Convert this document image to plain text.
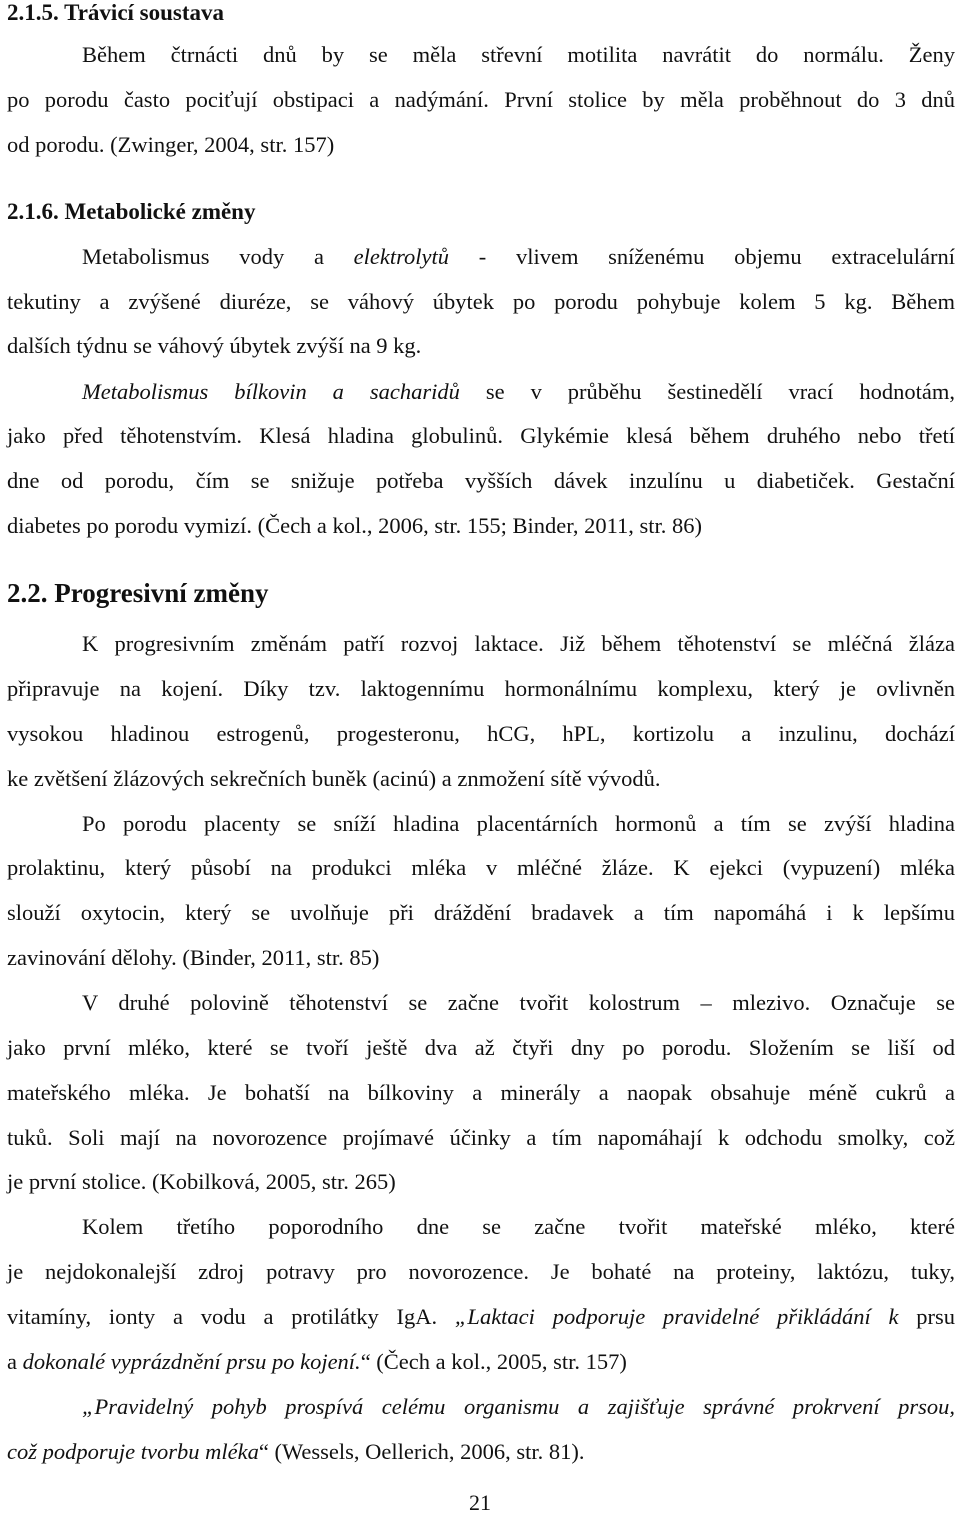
2.1.5. Trávicí soustava
Během čtrnácti dnů by se měla střevní motilita navrátit do normálu. Ženy
po porodu často pociťují obstipaci a nadýmání. První stolice by měla proběhnout do 3 dnů
od porodu. (Zwinger, 2004, str. 157)
2.1.6. Metabolické změny
Metabolismus vody a elektrolytů - vlivem sníženému objemu extracelulární
tekutiny a zvýšené diuréze, se váhový úbytek po porodu pohybuje kolem 5 kg. Během
dalších týdnu se váhový úbytek zvýší na 9 kg.
Metabolismus bílkovin a sacharidů se v průběhu šestinedělí vrací hodnotám,
jako před těhotenstvím. Klesá hladina globulinů. Glykémie klesá během druhého nebo třetí
dne od porodu, čím se snižuje potřeba vyšších dávek inzulínu u diabetiček. Gestační
diabetes po porodu vymizí. (Čech a kol., 2006, str. 155; Binder, 2011, str. 86)
2.2. Progresivní změny
K progresivním změnám patří rozvoj laktace. Již během těhotenství se mléčná žláza
připravuje na kojení. Díky tzv. laktogennímu hormonálnímu komplexu, který je ovlivněn
vysokou hladinou estrogenů, progesteronu, hCG, hPL, kortizolu a inzulinu, dochází
ke zvětšení žlázových sekrečních buněk (acinú) a znmožení sítě vývodů.
Po porodu placenty se sníží hladina placentárních hormonů a tím se zvýší hladina
prolaktinu, který působí na produkci mléka v mléčné žláze. K ejekci (vypuzení) mléka
slouží oxytocin, který se uvolňuje při dráždění bradavek a tím napomáhá i k lepšímu
zavinování dělohy. (Binder, 2011, str. 85)
V druhé polovině těhotenství se začne tvořit kolostrum – mlezivo. Označuje se
jako první mléko, které se tvoří ještě dva až čtyři dny po porodu. Složením se liší od
mateřského mléka. Je bohatší na bílkoviny a minerály a naopak obsahuje méně cukrů a
tuků. Soli mají na novorozence projímavé účinky a tím napomáhají k odchodu smolky, což
je první stolice. (Kobilková, 2005, str. 265)
Kolem třetího poporodního dne se začne tvořit mateřské mléko, které
je nejdokonalejší zdroj potravy pro novorozence. Je bohaté na proteiny, laktózu, tuky,
vitamíny, ionty a vodu a protilátky IgA. „Laktaci podporuje pravidelné přikládání k prsu
a dokonalé vyprázdnění prsu po kojení.“ (Čech a kol., 2005, str. 157)
„Pravidelný pohyb prospívá celému organismu a zajišťuje správné prokrvení prsou,
což podporuje tvorbu mléka“ (Wessels, Oellerich, 2006, str. 81).
21
